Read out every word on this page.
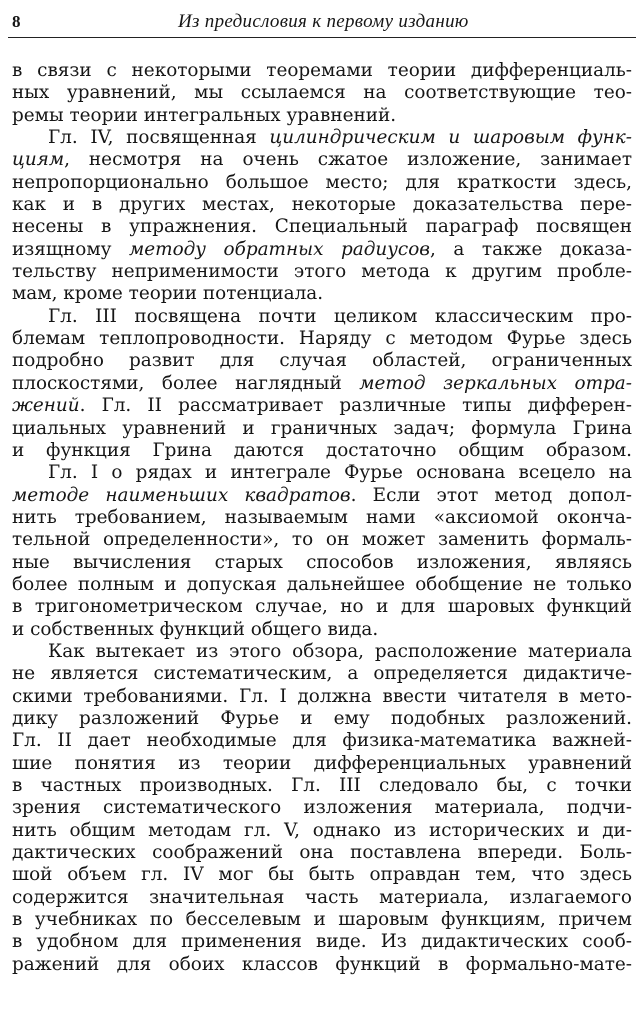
8	Из предисловия к первому изданию
в связи с некоторыми теоремами теории дифференциаль-
ных уравнений, мы ссылаемся на соответствующие тео-
ремы теории интегральных уравнений.
Гл. IV, посвященная цилиндрическим и шаровым функ-
циям, несмотря на очень сжатое изложение, занимает
непропорционально большое место; для краткости здесь,
как и в других местах, некоторые доказательства пере-
несены в упражнения. Специальный параграф посвящен
изящному методу обратных радиусов, а также доказа-
тельству неприменимости этого метода к другим пробле-
мам, кроме теории потенциала.
Гл. III посвящена почти целиком классическим про-
блемам теплопроводности. Наряду с методом Фурье здесь
подробно развит для случая областей, ограниченных
плоскостями, более наглядный метод зеркальных отра-
жений. Гл. II рассматривает различные типы дифферен-
циальных уравнений и граничных задач; формула Грина
и функция Грина даются достаточно общим образом.
Гл. I о рядах и интеграле Фурье основана всецело на
методе наименьших квадратов. Если этот метод допол-
нить требованием, называемым нами «аксиомой оконча-
тельной определенности», то он может заменить формаль-
ные вычисления старых способов изложения, являясь
более полным и допуская дальнейшее обобщение не только
в тригонометрическом случае, но и для шаровых функций
и собственных функций общего вида.
Как вытекает из этого обзора, расположение материала
не является систематическим, а определяется дидактиче-
скими требованиями. Гл. I должна ввести читателя в мето-
дику разложений Фурье и ему подобных разложений.
Гл. II дает необходимые для физика-математика важней-
шие понятия из теории дифференциальных уравнений
в частных производных. Гл. III следовало бы, с точки
зрения систематического изложения материала, подчи-
нить общим методам гл. V, однако из исторических и ди-
дактических соображений она поставлена впереди. Боль-
шой объем гл. IV мог бы быть оправдан тем, что здесь
содержится значительная часть материала, излагаемого
в учебниках по бесселевым и шаровым функциям, причем
в удобном для применения виде. Из дидактических сооб-
ражений для обоих классов функций в формально-мате-
